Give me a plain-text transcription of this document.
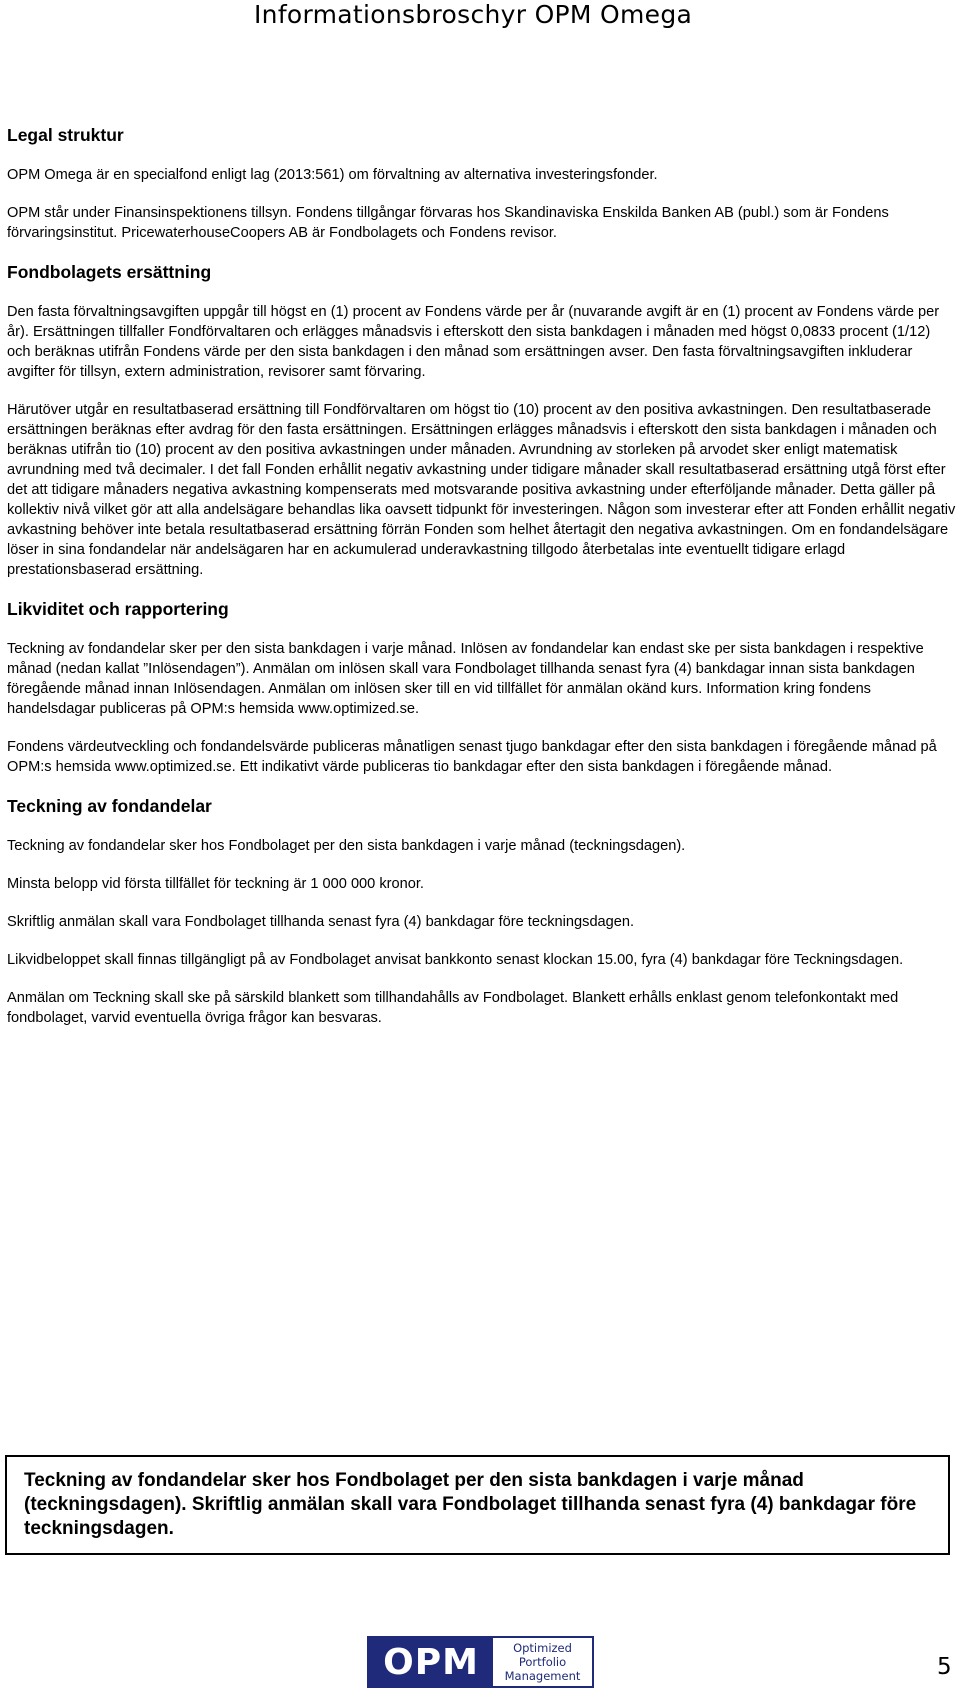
Informationsbroschyr OPM Omega
Legal struktur

OPM Omega är en specialfond enligt lag (2013:561) om förvaltning av alternativa investeringsfonder.

OPM står under Finansinspektionens tillsyn. Fondens tillgångar förvaras hos Skandinaviska Enskilda Banken AB (publ.) som är Fondens förvaringsinstitut. PricewaterhouseCoopers AB är Fondbolagets och Fondens revisor.

Fondbolagets ersättning

Den fasta förvaltningsavgiften uppgår till högst en (1) procent av Fondens värde per år (nuvarande avgift är en (1) procent av Fondens värde per år). Ersättningen tillfaller Fondförvaltaren och erlägges månadsvis i efterskott den sista bankdagen i månaden med högst 0,0833 procent (1/12) och beräknas utifrån Fondens värde per den sista bankdagen i den månad som ersättningen avser. Den fasta förvaltningsavgiften inkluderar avgifter för tillsyn, extern administration, revisorer samt förvaring.

Härutöver utgår en resultatbaserad ersättning till Fondförvaltaren om högst tio (10) procent av den positiva avkastningen. Den resultatbaserade ersättningen beräknas efter avdrag för den fasta ersättningen. Ersättningen erlägges månadsvis i efterskott den sista bankdagen i månaden och beräknas utifrån tio (10) procent av den positiva avkastningen under månaden. Avrundning av storleken på arvodet sker enligt matematisk avrundning med två decimaler. I det fall Fonden erhållit negativ avkastning under tidigare månader skall resultatbaserad ersättning utgå först efter det att tidigare månaders negativa avkastning kompenserats med motsvarande positiva avkastning under efterföljande månader. Detta gäller på kollektiv nivå vilket gör att alla andelsägare behandlas lika oavsett tidpunkt för investeringen. Någon som investerar efter att Fonden erhållit negativ avkastning behöver inte betala resultatbaserad ersättning förrän Fonden som helhet återtagit den negativa avkastningen. Om en fondandelsägare löser in sina fondandelar när andelsägaren har en ackumulerad underavkastning tillgodo återbetalas inte eventuellt tidigare erlagd prestationsbaserad ersättning.

Likviditet och rapportering

Teckning av fondandelar sker per den sista bankdagen i varje månad. Inlösen av fondandelar kan endast ske per sista bankdagen i respektive månad (nedan kallat ”Inlösendagen”). Anmälan om inlösen skall vara Fondbolaget tillhanda senast fyra (4) bankdagar innan sista bankdagen föregående månad innan Inlösendagen. Anmälan om inlösen sker till en vid tillfället för anmälan okänd kurs. Information kring fondens handelsdagar publiceras på OPM:s hemsida www.optimized.se.

Fondens värdeutveckling och fondandelsvärde publiceras månatligen senast tjugo bankdagar efter den sista bankdagen i föregående månad på OPM:s hemsida www.optimized.se. Ett indikativt värde publiceras tio bankdagar efter den sista bankdagen i föregående månad.

Teckning av fondandelar

Teckning av fondandelar sker hos Fondbolaget per den sista bankdagen i varje månad (teckningsdagen).

Minsta belopp vid första tillfället för teckning är 1 000 000 kronor.

Skriftlig anmälan skall vara Fondbolaget tillhanda senast fyra (4) bankdagar före teckningsdagen.

Likvidbeloppet skall finnas tillgängligt på av Fondbolaget anvisat bankkonto senast klockan 15.00, fyra (4) bankdagar före Teckningsdagen.

Anmälan om Teckning skall ske på särskild blankett som tillhandahålls av Fondbolaget. Blankett erhålls enklast genom telefonkontakt med fondbolaget, varvid eventuella övriga frågor kan besvaras.

Teckning av fondandelar sker hos Fondbolaget per den sista bankdagen i varje månad (teckningsdagen). Skriftlig anmälan skall vara Fondbolaget tillhanda senast fyra (4) bankdagar före teckningsdagen.

OPM	Optimized
Portfolio
Management	5
